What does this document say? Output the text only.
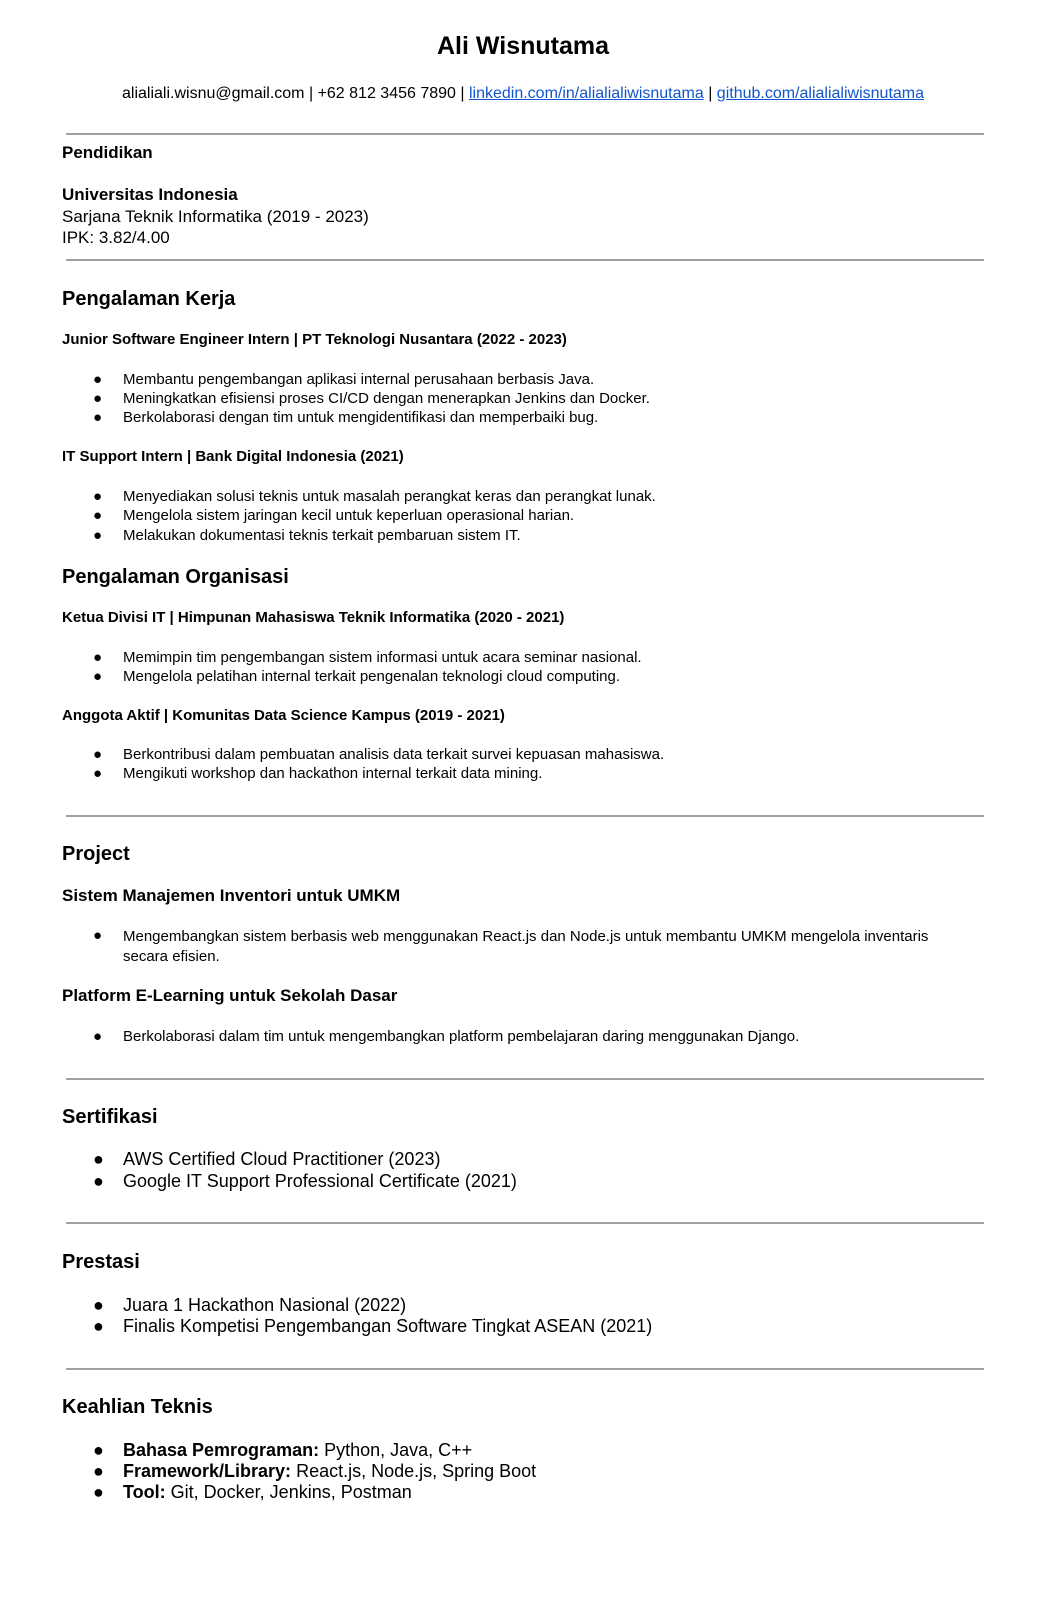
Ali Wisnutama
alialiali.wisnu@gmail.com | +62 812 3456 7890 | linkedin.com/in/alialialiwisnutama | github.com/alialialiwisnutama
Pendidikan
Universitas Indonesia
Sarjana Teknik Informatika (2019 - 2023)
IPK: 3.82/4.00
Pengalaman Kerja
Junior Software Engineer Intern | PT Teknologi Nusantara (2022 - 2023)
● Membantu pengembangan aplikasi internal perusahaan berbasis Java.
● Meningkatkan efisiensi proses CI/CD dengan menerapkan Jenkins dan Docker.
● Berkolaborasi dengan tim untuk mengidentifikasi dan memperbaiki bug.
IT Support Intern | Bank Digital Indonesia (2021)
● Menyediakan solusi teknis untuk masalah perangkat keras dan perangkat lunak.
● Mengelola sistem jaringan kecil untuk keperluan operasional harian.
● Melakukan dokumentasi teknis terkait pembaruan sistem IT.
Pengalaman Organisasi
Ketua Divisi IT | Himpunan Mahasiswa Teknik Informatika (2020 - 2021)
● Memimpin tim pengembangan sistem informasi untuk acara seminar nasional.
● Mengelola pelatihan internal terkait pengenalan teknologi cloud computing.
Anggota Aktif | Komunitas Data Science Kampus (2019 - 2021)
● Berkontribusi dalam pembuatan analisis data terkait survei kepuasan mahasiswa.
● Mengikuti workshop dan hackathon internal terkait data mining.
Project
Sistem Manajemen Inventori untuk UMKM
● Mengembangkan sistem berbasis web menggunakan React.js dan Node.js untuk membantu UMKM mengelola inventaris secara efisien.
Platform E-Learning untuk Sekolah Dasar
● Berkolaborasi dalam tim untuk mengembangkan platform pembelajaran daring menggunakan Django.
Sertifikasi
● AWS Certified Cloud Practitioner (2023)
● Google IT Support Professional Certificate (2021)
Prestasi
● Juara 1 Hackathon Nasional (2022)
● Finalis Kompetisi Pengembangan Software Tingkat ASEAN (2021)
Keahlian Teknis
● Bahasa Pemrograman: Python, Java, C++
● Framework/Library: React.js, Node.js, Spring Boot
● Tool: Git, Docker, Jenkins, Postman
